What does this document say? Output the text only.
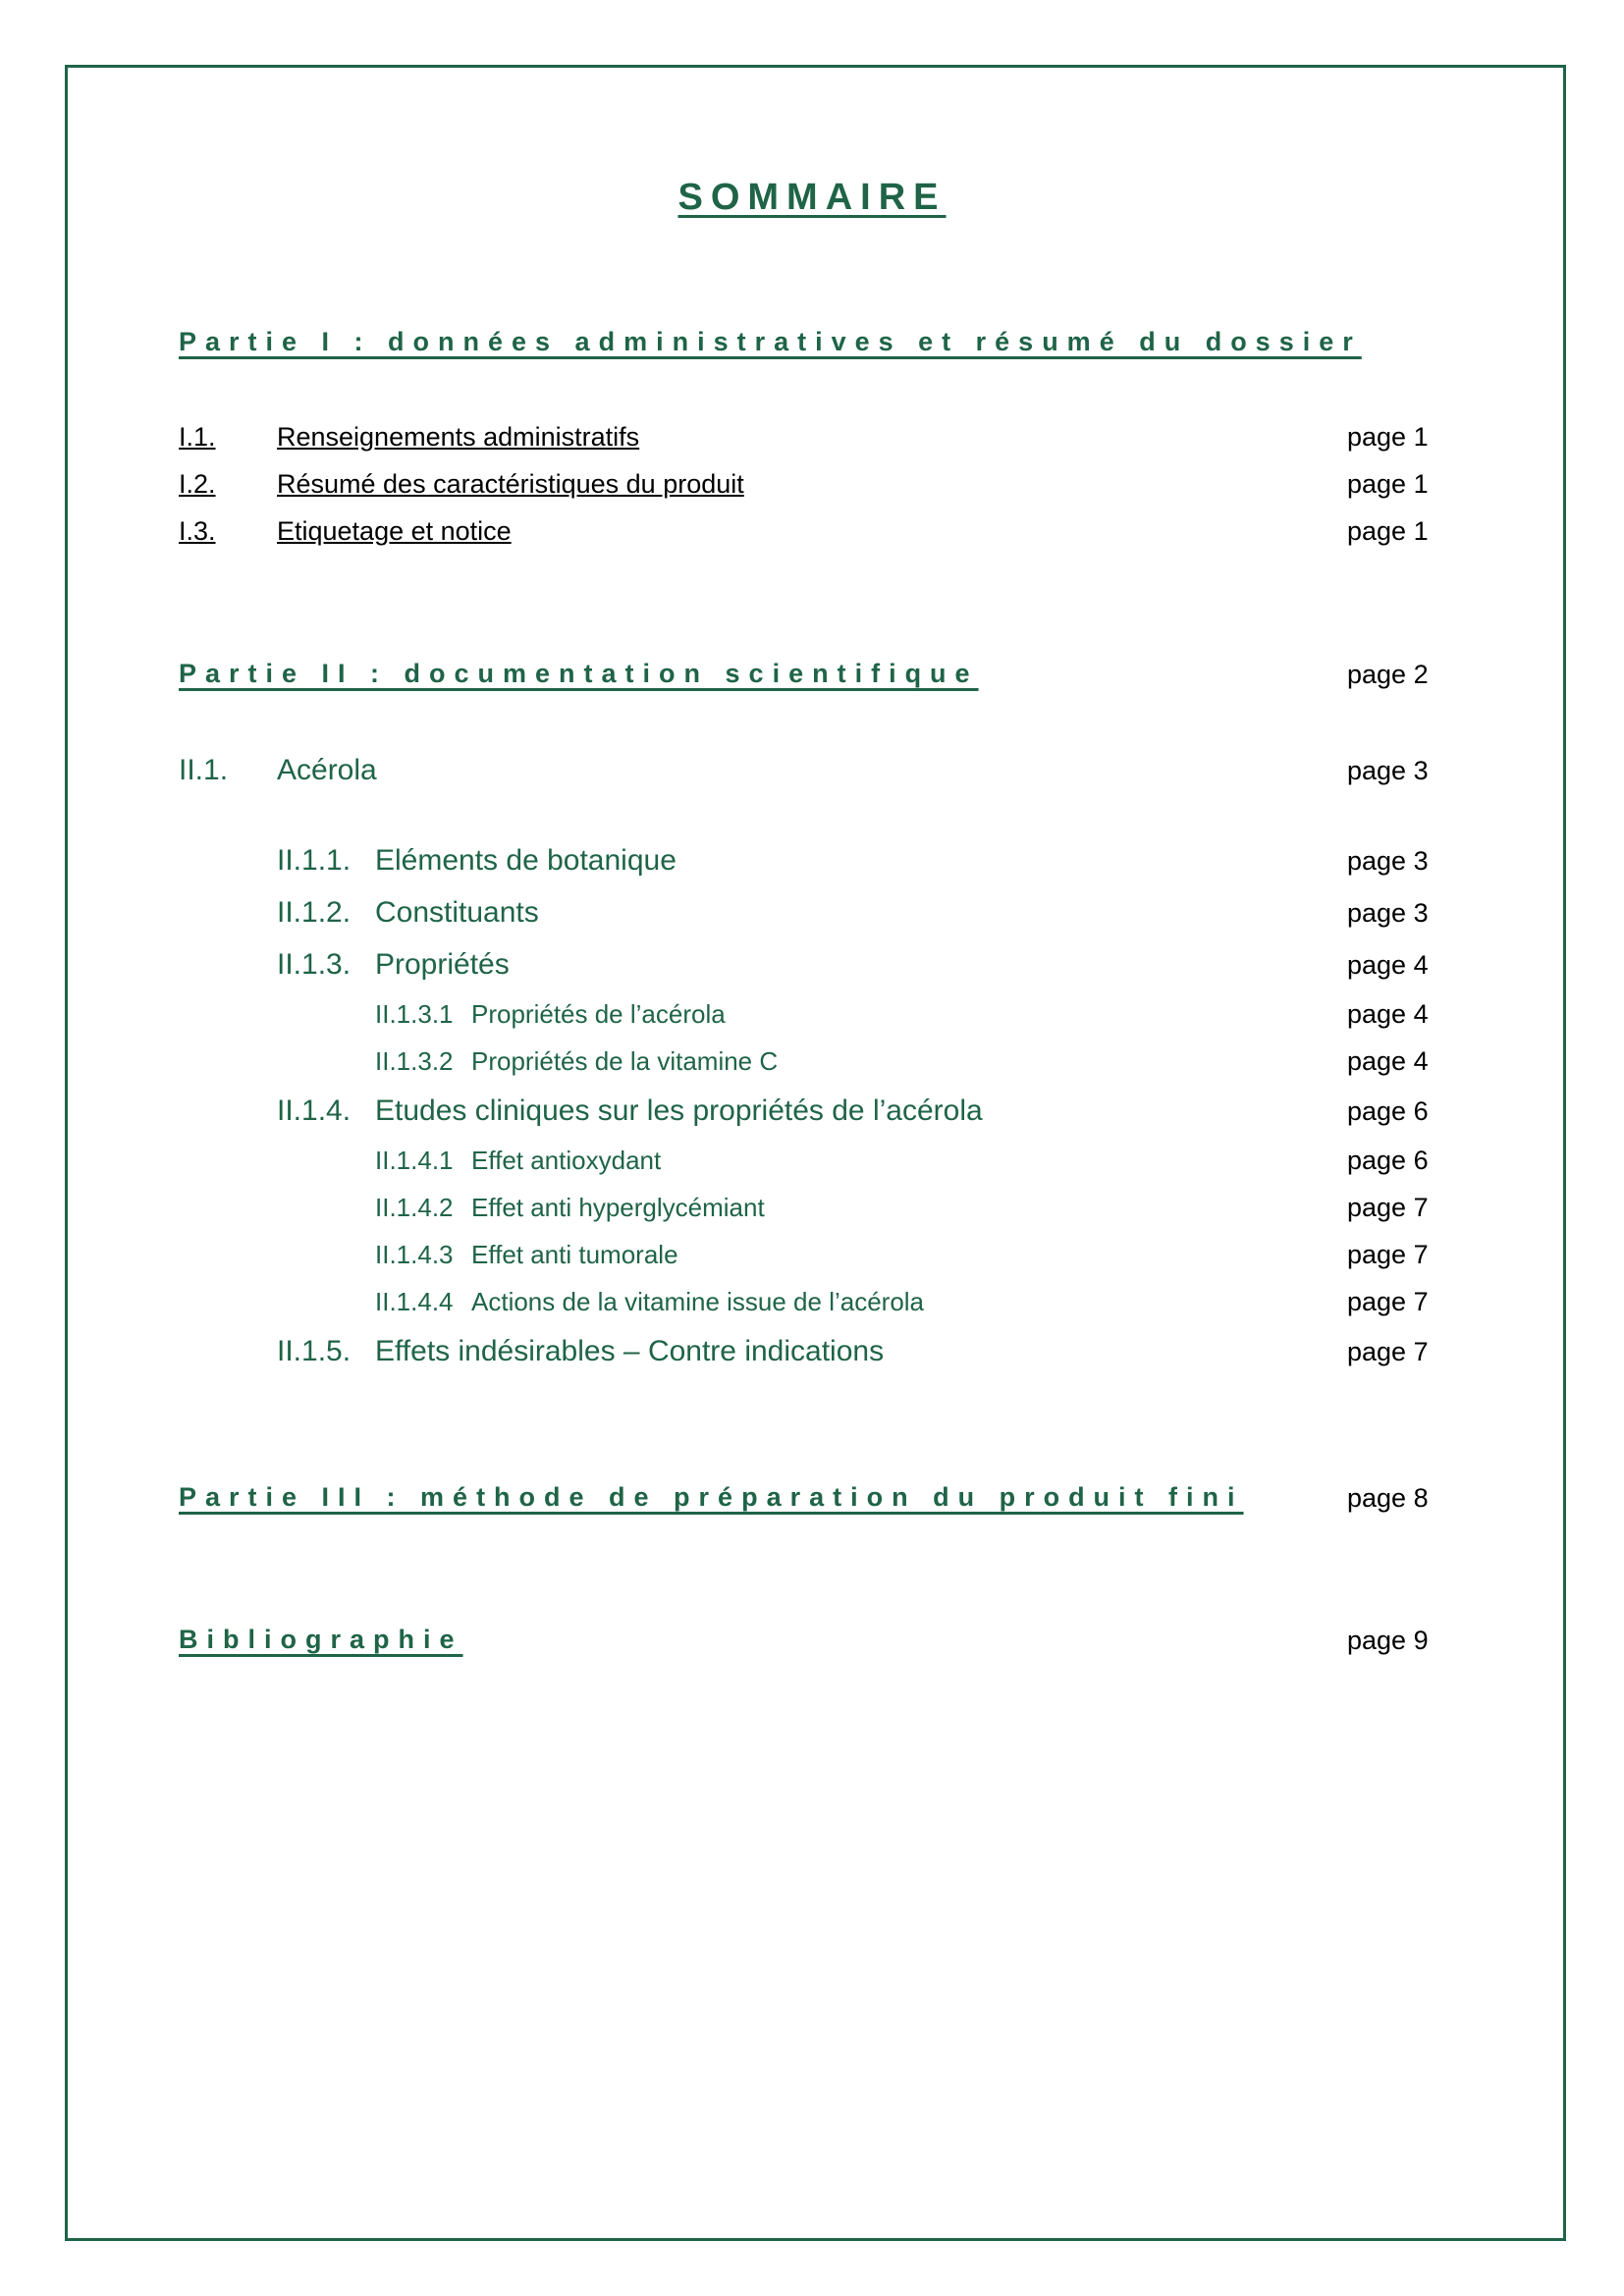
SOMMAIRE
Partie I : données administratives et résumé du dossier
I.1. Renseignements administratifs	page 1
I.2. Résumé des caractéristiques du produit	page 1
I.3. Etiquetage et notice	page 1
Partie II : documentation scientifique	page 2
II.1. Acérola	page 3
II.1.1. Eléments de botanique	page 3
II.1.2. Constituants	page 3
II.1.3. Propriétés	page 4
II.1.3.1 Propriétés de l’acérola	page 4
II.1.3.2 Propriétés de la vitamine C	page 4
II.1.4. Etudes cliniques sur les propriétés de l’acérola	page 6
II.1.4.1 Effet antioxydant	page 6
II.1.4.2 Effet anti hyperglycémiant	page 7
II.1.4.3 Effet anti tumorale	page 7
II.1.4.4 Actions de la vitamine issue de l’acérola	page 7
II.1.5. Effets indésirables – Contre indications	page 7
Partie III : méthode de préparation du produit fini	page 8
Bibliographie	page 9
